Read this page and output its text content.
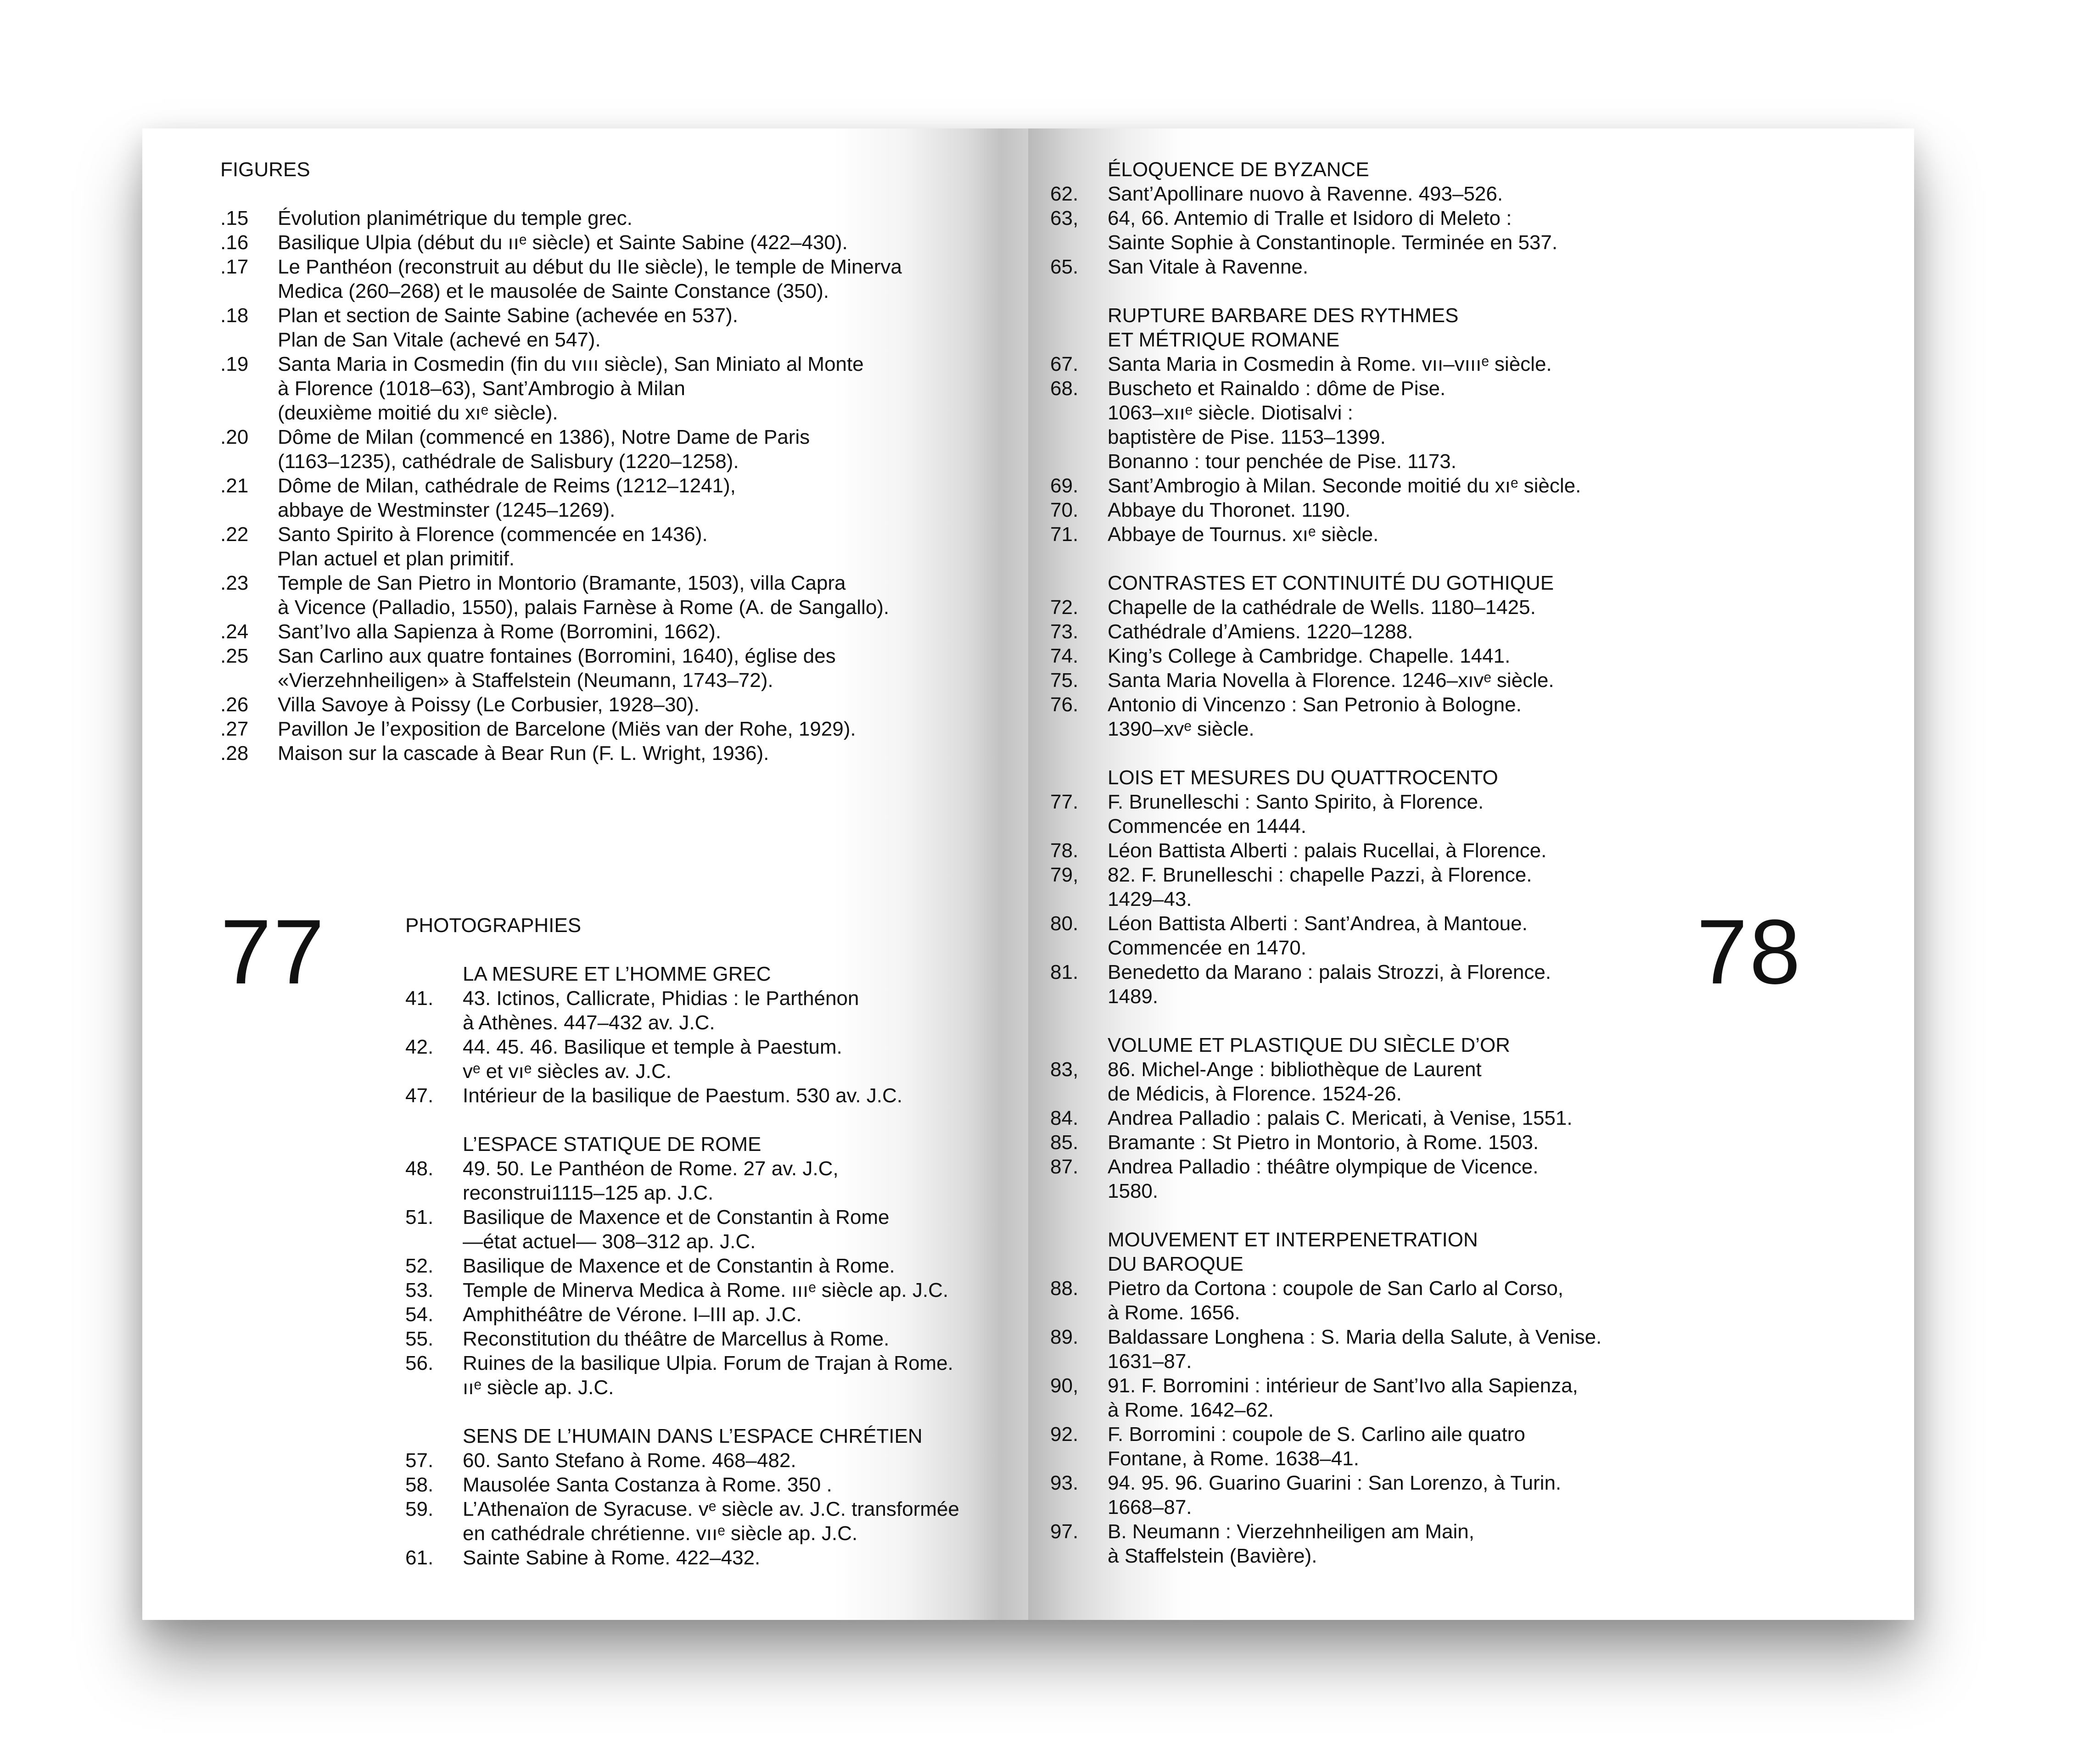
FIGURES
.15 Évolution planimétrique du temple grec.
.16 Basilique Ulpia (début du ııᵉ siècle) et Sainte Sabine (422–430).
.17 Le Panthéon (reconstruit au début du IIe siècle), le temple de Minerva
Medica (260–268) et le mausolée de Sainte Constance (350).
.18 Plan et section de Sainte Sabine (achevée en 537).
Plan de San Vitale (achevé en 547).
.19 Santa Maria in Cosmedin (fin du vııı siècle), San Miniato al Monte
à Florence (1018–63), Sant’Ambrogio à Milan
(deuxième moitié du xıᵉ siècle).
.20 Dôme de Milan (commencé en 1386), Notre Dame de Paris
(1163–1235), cathédrale de Salisbury (1220–1258).
.21 Dôme de Milan, cathédrale de Reims (1212–1241),
abbaye de Westminster (1245–1269).
.22 Santo Spirito à Florence (commencée en 1436).
Plan actuel et plan primitif.
.23 Temple de San Pietro in Montorio (Bramante, 1503), villa Capra
à Vicence (Palladio, 1550), palais Farnèse à Rome (A. de Sangallo).
.24 Sant’Ivo alla Sapienza à Rome (Borromini, 1662).
.25 San Carlino aux quatre fontaines (Borromini, 1640), église des
«Vierzehnheiligen» à Staffelstein (Neumann, 1743–72).
.26 Villa Savoye à Poissy (Le Corbusier, 1928–30).
.27 Pavillon Je l’exposition de Barcelone (Miës van der Rohe, 1929).
.28 Maison sur la cascade à Bear Run (F. L. Wright, 1936).
77	PHOTOGRAPHIES
LA MESURE ET L’HOMME GREC
41. 43. Ictinos, Callicrate, Phidias : le Parthénon
à Athènes. 447–432 av. J.C.
42. 44. 45. 46. Basilique et temple à Paestum.
vᵉ et vıᵉ siècles av. J.C.
47. Intérieur de la basilique de Paestum. 530 av. J.C.
L’ESPACE STATIQUE DE ROME
48. 49. 50. Le Panthéon de Rome. 27 av. J.C,
reconstrui1115–125 ap. J.C.
51. Basilique de Maxence et de Constantin à Rome
—état actuel— 308–312 ap. J.C.
52. Basilique de Maxence et de Constantin à Rome.
53. Temple de Minerva Medica à Rome. ıııᵉ siècle ap. J.C.
54. Amphithéâtre de Vérone. I–III ap. J.C.
55. Reconstitution du théâtre de Marcellus à Rome.
56. Ruines de la basilique Ulpia. Forum de Trajan à Rome.
ııᵉ siècle ap. J.C.
SENS DE L’HUMAIN DANS L’ESPACE CHRÉTIEN
57. 60. Santo Stefano à Rome. 468–482.
58. Mausolée Santa Costanza à Rome. 350 .
59. L’Athenaïon de Syracuse. vᵉ siècle av. J.C. transformée
en cathédrale chrétienne. vııᵉ siècle ap. J.C.
61. Sainte Sabine à Rome. 422–432.
ÉLOQUENCE DE BYZANCE
62. Sant’Apollinare nuovo à Ravenne. 493–526.
63, 64, 66. Antemio di Tralle et Isidoro di Meleto :
Sainte Sophie à Constantinople. Terminée en 537.
65. San Vitale à Ravenne.
RUPTURE BARBARE DES RYTHMES
ET MÉTRIQUE ROMANE
67. Santa Maria in Cosmedin à Rome. vıı–vıııᵉ siècle.
68. Buscheto et Rainaldo : dôme de Pise.
1063–xııᵉ siècle. Diotisalvi :
baptistère de Pise. 1153–1399.
Bonanno : tour penchée de Pise. 1173.
69. Sant’Ambrogio à Milan. Seconde moitié du xıᵉ siècle.
70. Abbaye du Thoronet. 1190.
71. Abbaye de Tournus. xıᵉ siècle.
CONTRASTES ET CONTINUITÉ DU GOTHIQUE
72. Chapelle de la cathédrale de Wells. 1180–1425.
73. Cathédrale d’Amiens. 1220–1288.
74. King’s College à Cambridge. Chapelle. 1441.
75. Santa Maria Novella à Florence. 1246–xıvᵉ siècle.
76. Antonio di Vincenzo : San Petronio à Bologne.
1390–xvᵉ siècle.
LOIS ET MESURES DU QUATTROCENTO
77. F. Brunelleschi : Santo Spirito, à Florence.
Commencée en 1444.
78. Léon Battista Alberti : palais Rucellai, à Florence.
79, 82. F. Brunelleschi : chapelle Pazzi, à Florence.
1429–43.
80. Léon Battista Alberti : Sant’Andrea, à Mantoue.
Commencée en 1470.
81. Benedetto da Marano : palais Strozzi, à Florence.
1489.
VOLUME ET PLASTIQUE DU SIÈCLE D’OR
83, 86. Michel-Ange : bibliothèque de Laurent
de Médicis, à Florence. 1524-26.
84. Andrea Palladio : palais C. Mericati, à Venise, 1551.
85. Bramante : St Pietro in Montorio, à Rome. 1503.
87. Andrea Palladio : théâtre olympique de Vicence.
1580.
MOUVEMENT ET INTERPENETRATION
DU BAROQUE
88. Pietro da Cortona : coupole de San Carlo al Corso,
à Rome. 1656.
89. Baldassare Longhena : S. Maria della Salute, à Venise.
1631–87.
90, 91. F. Borromini : intérieur de Sant’Ivo alla Sapienza,
à Rome. 1642–62.
92. F. Borromini : coupole de S. Carlino aile quatro
Fontane, à Rome. 1638–41.
93. 94. 95. 96. Guarino Guarini : San Lorenzo, à Turin.
1668–87.
97. B. Neumann : Vierzehnheiligen am Main,
à Staffelstein (Bavière).
78
